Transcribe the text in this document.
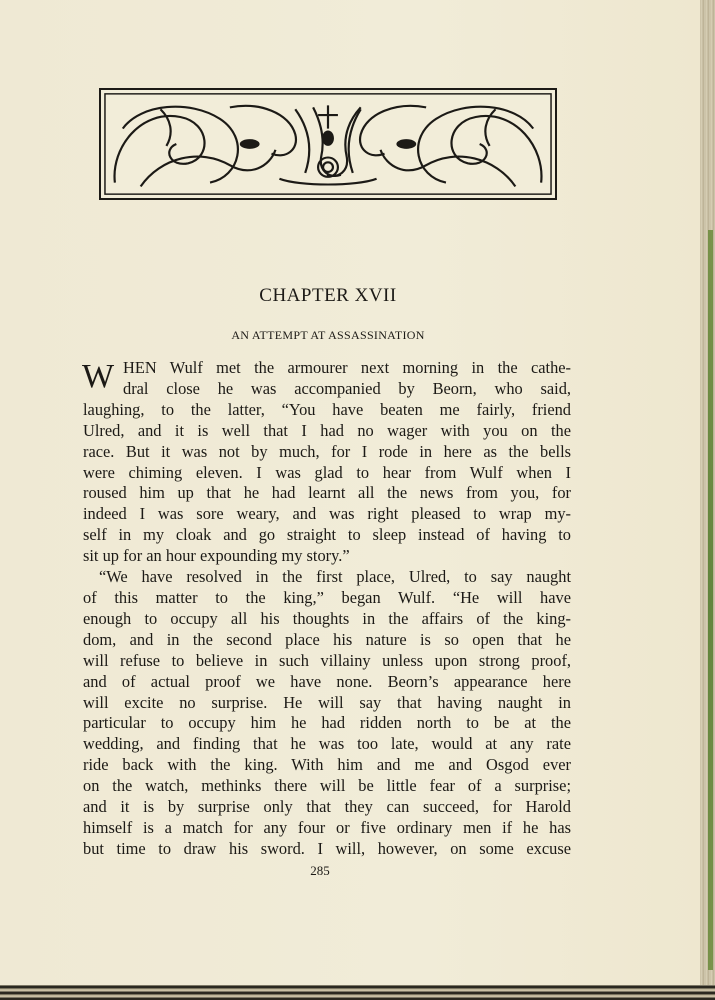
CHAPTER XVII
AN ATTEMPT AT ASSASSINATION
W HEN Wulf met the armourer next morning in the cathe-
dral close he was accompanied by Beorn, who said,
laughing, to the latter, “You have beaten me fairly, friend
Ulred, and it is well that I had no wager with you on the
race. But it was not by much, for I rode in here as the bells
were chiming eleven. I was glad to hear from Wulf when I
roused him up that he had learnt all the news from you, for
indeed I was sore weary, and was right pleased to wrap my-
self in my cloak and go straight to sleep instead of having to
sit up for an hour expounding my story.”
“We have resolved in the first place, Ulred, to say naught
of this matter to the king,” began Wulf. “He will have
enough to occupy all his thoughts in the affairs of the king-
dom, and in the second place his nature is so open that he
will refuse to believe in such villainy unless upon strong proof,
and of actual proof we have none. Beorn’s appearance here
will excite no surprise. He will say that having naught in
particular to occupy him he had ridden north to be at the
wedding, and finding that he was too late, would at any rate
ride back with the king. With him and me and Osgod ever
on the watch, methinks there will be little fear of a surprise;
and it is by surprise only that they can succeed, for Harold
himself is a match for any four or five ordinary men if he has
but time to draw his sword. I will, however, on some excuse
285
